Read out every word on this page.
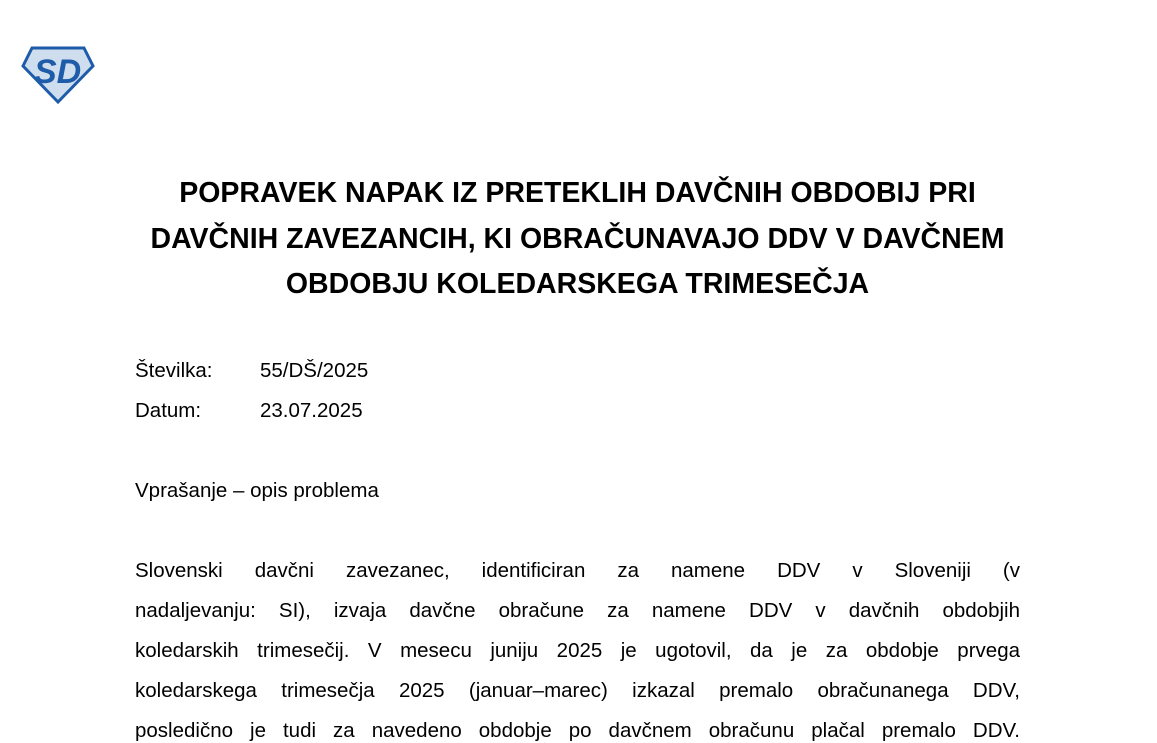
SD
POPRAVEK NAPAK IZ PRETEKLIH DAVČNIH OBDOBIJ PRI
DAVČNIH ZAVEZANCIH, KI OBRAČUNAVAJO DDV V DAVČNEM
OBDOBJU KOLEDARSKEGA TRIMESEČJA
Številka: 55/DŠ/2025
Datum:	23.07.2025
Vprašanje – opis problema
Slovenski davčni zavezanec, identificiran za namene DDV v Sloveniji (v
nadaljevanju: SI), izvaja davčne obračune za namene DDV v davčnih obdobjih
koledarskih trimesečij. V mesecu juniju 2025 je ugotovil, da je za obdobje prvega
koledarskega trimesečja 2025 (januar–marec) izkazal premalo obračunanega DDV,
posledično je tudi za navedeno obdobje po davčnem obračunu plačal premalo DDV.
